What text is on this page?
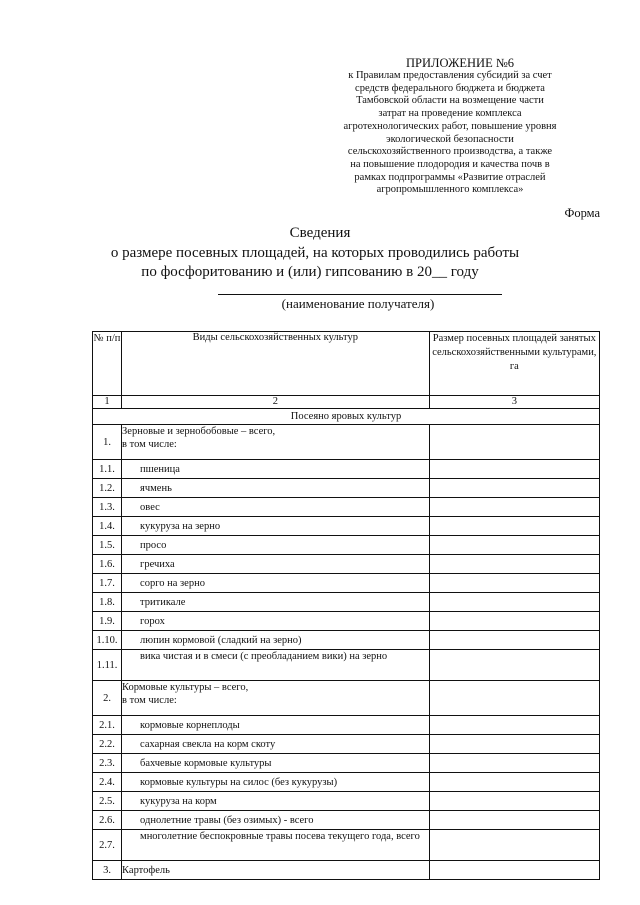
ПРИЛОЖЕНИЕ №6
к Правилам предоставления субсидий за счет
средств федерального бюджета и бюджета
Тамбовской области на возмещение части
затрат на проведение комплекса
агротехнологических работ, повышение уровня
экологической безопасности
сельскохозяйственного производства, а также
на повышение плодородия и качества почв в
рамках подпрограммы «Развитие отраслей
агропромышленного комплекса»
Форма
Сведения
о размере посевных площадей, на которых проводились работы
по фосфоритованию и (или) гипсованию в 20__ году
(наименование получателя)
№ п/п	Виды сельскохозяйственных культур	Размер посевных площадей занятых сельскохозяйственными культурами, га
1	2	3
Посеяно яровых культур		
1.	Зерновые и зернобобовые – всего,
в том числе:	
1.1.	пшеница	
1.2.	ячмень	
1.3.	овес	
1.4.	кукуруза на зерно	
1.5.	просо	
1.6.	гречиха	
1.7.	сорго на зерно	
1.8.	тритикале	
1.9.	горох	
1.10.	люпин кормовой (сладкий на зерно)	
1.11.	вика чистая и в смеси (с преобладанием вики) на зерно	
2.	Кормовые культуры – всего,
в том числе:	
2.1.	кормовые корнеплоды	
2.2.	сахарная свекла на корм скоту	
2.3.	бахчевые кормовые культуры	
2.4.	кормовые культуры на силос (без кукурузы)	
2.5.	кукуруза на корм	
2.6.	однолетние травы (без озимых) - всего	
2.7.	многолетние беспокровные травы посева текущего года, всего	
3.	Картофель	
